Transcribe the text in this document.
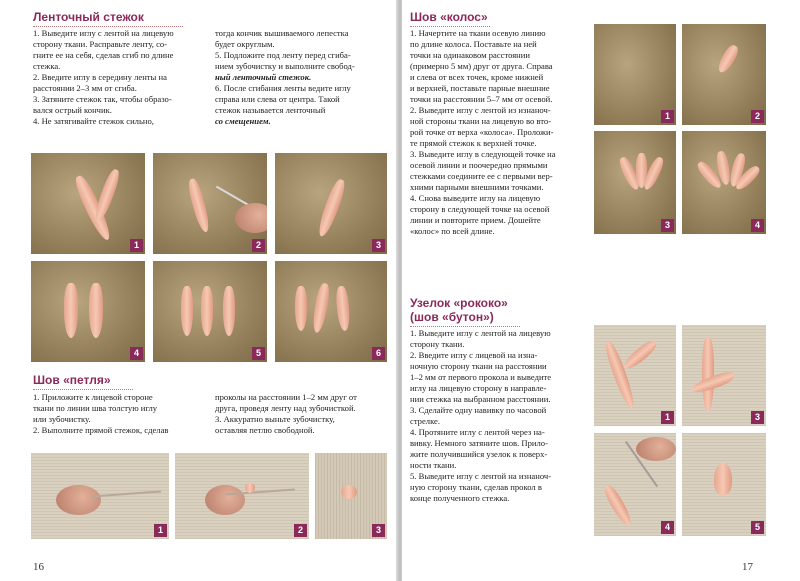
Ленточный стежок

1. Выведите иглу с лентой на лицевую

сторону ткани. Расправьте ленту, со-

гните ее на себя, сделав сгиб по длине

стежка.

2. Введите иглу в середину ленты на

расстоянии 2–3 мм от сгиба.

3. Затяните стежок так, чтобы образо-

вался острый кончик.

4. Не затягивайте стежок сильно,

тогда кончик вышиваемого лепестка

будет округлым.

5. Подложите под ленту перед сгиба-

нием зубочистку и выполните свобод-

ный ленточный стежок.

6. После сгибания ленты ведите иглу

справа или слева от центра. Такой

стежок называется ленточный

со смещением.

1	2	3
4	5	6
Шов «петля»

1. Приложите к лицевой стороне

ткани по линии шва толстую иглу

или зубочистку.

2. Выполните прямой стежок, сделав

проколы на расстоянии 1–2 мм друг от

друга, проведя ленту над зубочисткой.

3. Аккуратно выньте зубочистку,

оставляя петлю свободной.

1	2	3
16
Шов «колос»

1. Начертите на ткани осевую линию

по длине колоса. Поставьте на ней

точки на одинаковом расстоянии

(примерно 5 мм) друг от друга. Справа

и слева от всех точек, кроме нижней

и верхней, поставьте парные внешние

точки на расстоянии 5–7 мм от осевой.

2. Выведите иглу с лентой из изнаноч-

ной стороны ткани на лицевую во вто-

рой точке от верха «колоса». Проложи-

те прямой стежок к верхней точке.

3. Выведите иглу в следующей точке на

осевой линии и поочередно прямыми

стежками соедините ее с первыми вер-

хними парными внешними точками.

4. Снова выведите иглу на лицевую

сторону в следующей точке на осевой

линии и повторите прием. Дошейте

«колос» по всей длине.

1	2
3	4
Узелок «рококо»
(шов «бутон»)

1. Выведите иглу с лентой на лицевую

сторону ткани.

2. Введите иглу с лицевой на изна-

ночную сторону ткани на расстоянии

1–2 мм от первого прокола и выведите

иглу на лицевую сторону в направле-

нии стежка на выбранном расстоянии.

3. Сделайте одну навивку по часовой

стрелке.

4. Протяните иглу с лентой через на-

вивку. Немного затяните шов. Прило-

жите получившийся узелок к поверх-

ности ткани.

5. Выведите иглу с лентой на изнаноч-

ную сторону ткани, сделав прокол в

конце полученного стежка.

1	3
4	5
17
